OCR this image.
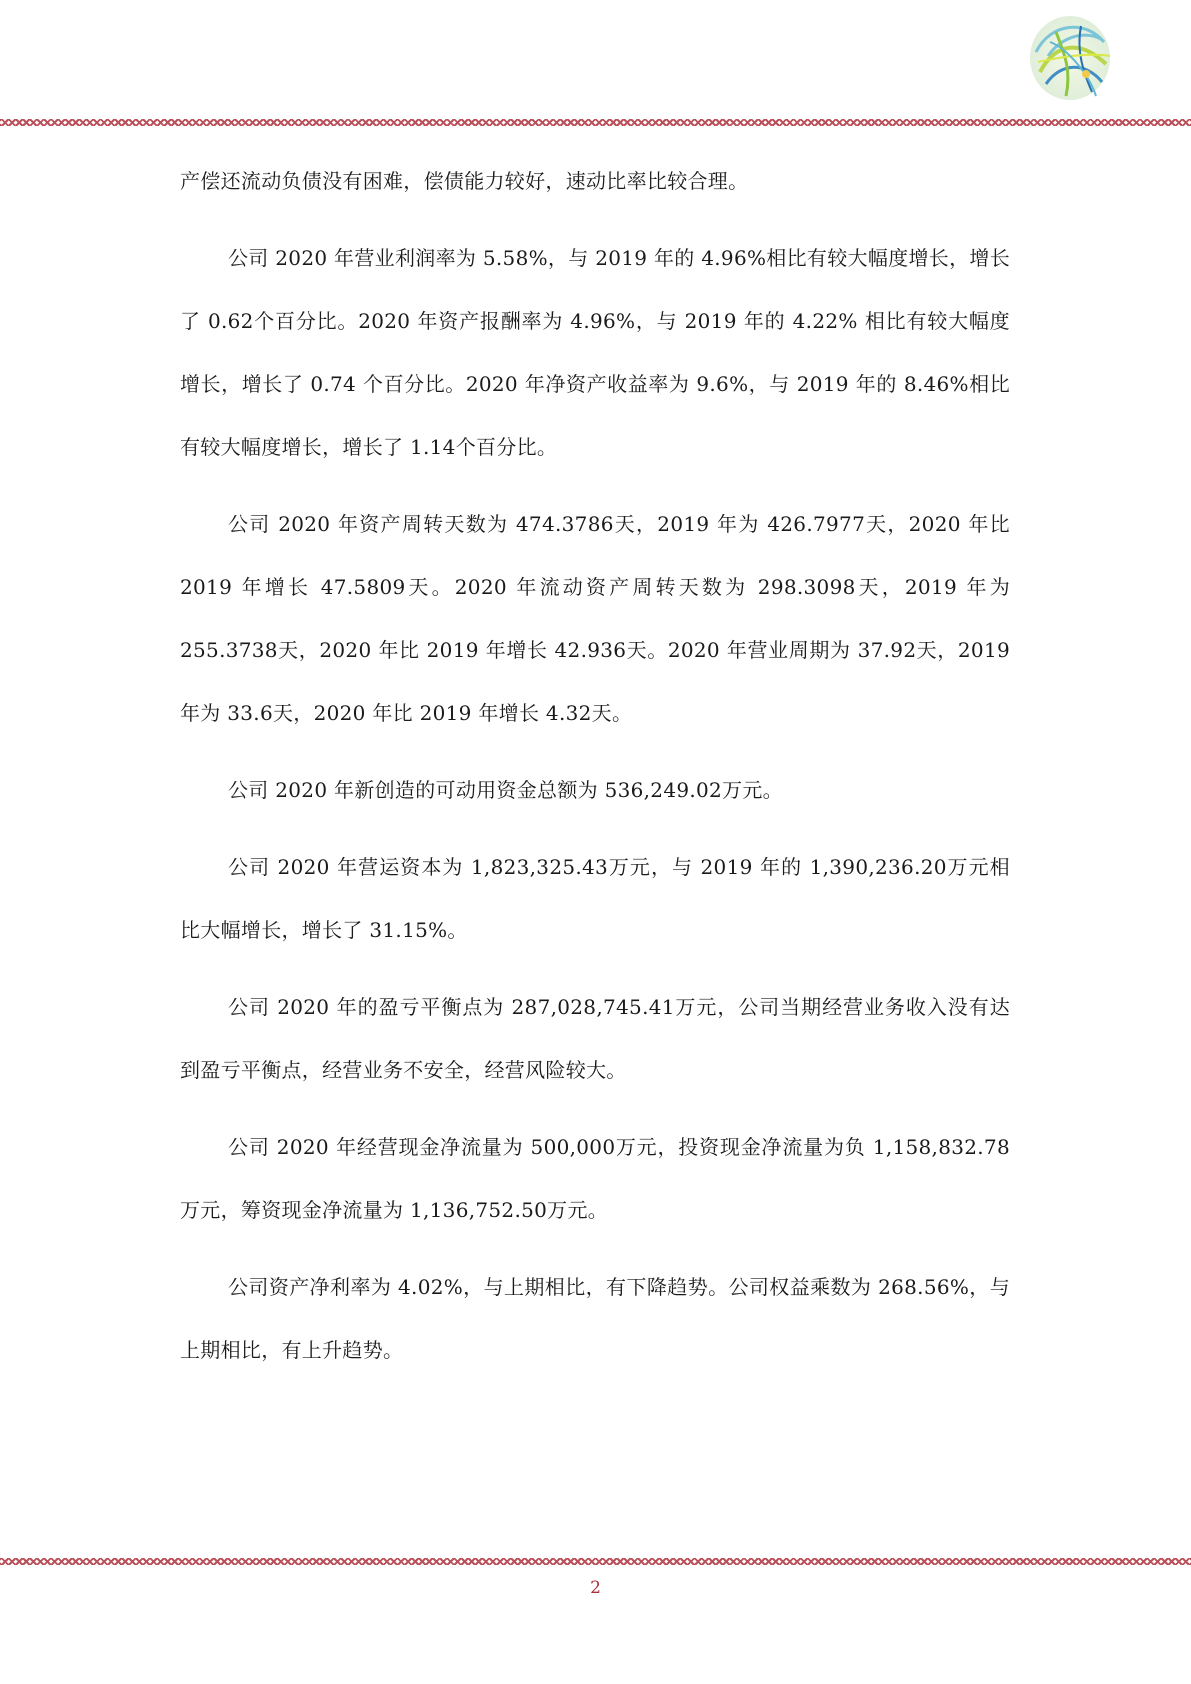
产偿还流动负债没有困难，偿债能力较好，速动比率比较合理。

公司 2020 年营业利润率为 5.58%，与 2019 年的 4.96%相比有较大幅度增长，增长了 0.62个百分比。2020 年资产报酬率为 4.96%，与 2019 年的 4.22% 相比有较大幅度增长，增长了 0.74 个百分比。2020 年净资产收益率为 9.6%，与 2019 年的 8.46%相比有较大幅度增长，增长了 1.14个百分比。

公司 2020 年资产周转天数为 474.3786天，2019 年为 426.7977天，2020 年比 2019 年增长 47.5809天。2020 年流动资产周转天数为 298.3098天，2019 年为 255.3738天，2020 年比 2019 年增长 42.936天。2020 年营业周期为 37.92天，2019 年为 33.6天，2020 年比 2019 年增长 4.32天。

公司 2020 年新创造的可动用资金总额为 536,249.02万元。

公司 2020 年营运资本为 1,823,325.43万元，与 2019 年的 1,390,236.20万元相比大幅增长，增长了 31.15%。

公司 2020 年的盈亏平衡点为 287,028,745.41万元，公司当期经营业务收入没有达到盈亏平衡点，经营业务不安全，经营风险较大。

公司 2020 年经营现金净流量为 500,000万元，投资现金净流量为负 1,158,832.78万元，筹资现金净流量为 1,136,752.50万元。

公司资产净利率为 4.02%，与上期相比，有下降趋势。公司权益乘数为 268.56%，与上期相比，有上升趋势。

2
